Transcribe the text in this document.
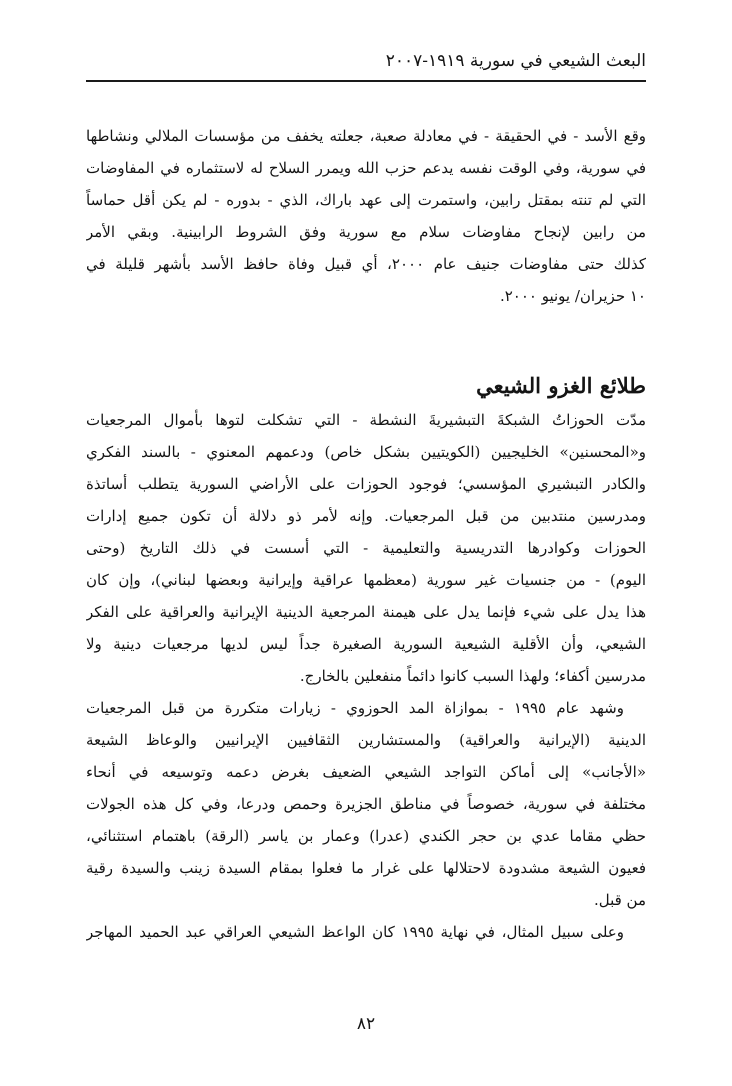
البعث الشيعي في سورية ١٩١٩-٢٠٠٧

وقع الأسد - في الحقيقة - في معادلة صعبة، جعلته يخفف من مؤسسات الملالي ونشاطها
في سورية، وفي الوقت نفسه يدعم حزب الله ويمرر السلاح له لاستثماره في المفاوضات
التي لم تنته بمقتل رابين، واستمرت إلى عهد باراك، الذي - بدوره - لم يكن أقل حماساً
من رابين لإنجاح مفاوضات سلام مع سورية وفق الشروط الرابينية. وبقي الأمر
كذلك حتى مفاوضات جنيف عام ٢٠٠٠، أي قبيل وفاة حافظ الأسد بأشهر قليلة في
١٠ حزيران/ يونيو ٢٠٠٠.

طلائع الغزو الشيعي

مدّت الحوزاتُ الشبكةَ التبشيريةَ النشطة - التي تشكلت لتوها بأموال المرجعيات
و«المحسنين» الخليجيين (الكويتيين بشكل خاص) ودعمهم المعنوي - بالسند الفكري
والكادر التبشيري المؤسسي؛ فوجود الحوزات على الأراضي السورية يتطلب أساتذة
ومدرسين منتدبين من قبل المرجعيات. وإنه لأمر ذو دلالة أن تكون جميع إدارات
الحوزات وكوادرها التدريسية والتعليمية - التي أسست في ذلك التاريخ (وحتى
اليوم) - من جنسيات غير سورية (معظمها عراقية وإيرانية وبعضها لبناني)، وإن كان
هذا يدل على شيء فإنما يدل على هيمنة المرجعية الدينية الإيرانية والعراقية على الفكر
الشيعي، وأن الأقلية الشيعية السورية الصغيرة جداً ليس لديها مرجعيات دينية ولا
مدرسين أكفاء؛ ولهذا السبب كانوا دائماً منفعلين بالخارج.

وشهد عام ١٩٩٥ - بموازاة المد الحوزوي - زيارات متكررة من قبل المرجعيات
الدينية (الإيرانية والعراقية) والمستشارين الثقافيين الإيرانيين والوعاظ الشيعة
«الأجانب» إلى أماكن التواجد الشيعي الضعيف بغرض دعمه وتوسيعه في أنحاء
مختلفة في سورية، خصوصاً في مناطق الجزيرة وحمص ودرعا، وفي كل هذه الجولات
حظي مقاما عدي بن حجر الكندي (عدرا) وعمار بن ياسر (الرقة) باهتمام استثنائي،
فعيون الشيعة مشدودة لاحتلالها على غرار ما فعلوا بمقام السيدة زينب والسيدة رقية
من قبل.

وعلى سبيل المثال، في نهاية ١٩٩٥ كان الواعظ الشيعي العراقي عبد الحميد المهاجر

٨٢
